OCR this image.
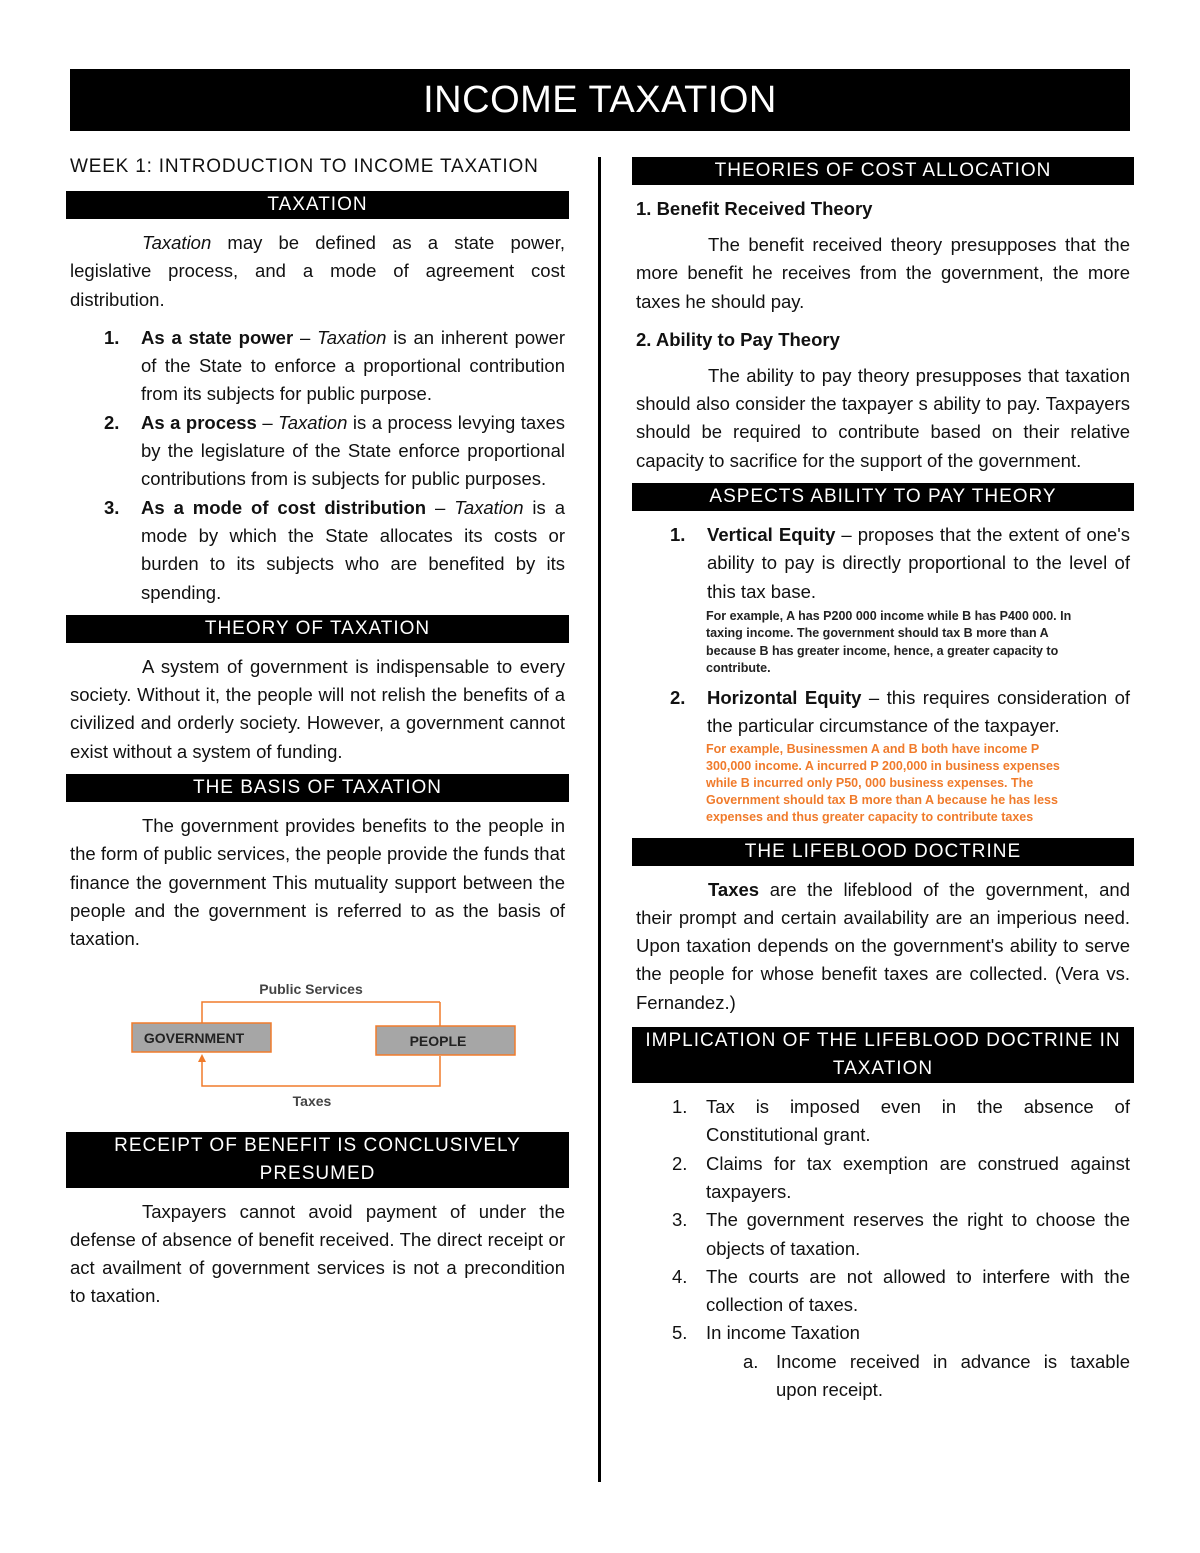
INCOME TAXATION
WEEK 1: INTRODUCTION TO INCOME TAXATION
TAXATION

Taxation may be defined as a state power, legislative process, and a mode of agreement cost distribution.

1. As a state power – Taxation is an inherent power of the State to enforce a proportional contribution from its subjects for public purpose.
2. As a process – Taxation is a process levying taxes by the legislature of the State enforce proportional contributions from is subjects for public purposes.
3. As a mode of cost distribution – Taxation is a mode by which the State allocates its costs or burden to its subjects who are benefited by its spending.
THEORY OF TAXATION

A system of government is indispensable to every society. Without it, the people will not relish the benefits of a civilized and orderly society. However, a government cannot exist without a system of funding.

THE BASIS OF TAXATION

The government provides benefits to the people in the form of public services, the people provide the funds that finance the government This mutuality support between the people and the government is referred to as the basis of taxation.

Public Services
GOVERNMENT	PEOPLE
Taxes
RECEIPT OF BENEFIT IS CONCLUSIVELY PRESUMED

Taxpayers cannot avoid payment of under the defense of absence of benefit received. The direct receipt or act availment of government services is not a precondition to taxation.

THEORIES OF COST ALLOCATION

1. Benefit Received Theory

The benefit received theory presupposes that the more benefit he receives from the government, the more taxes he should pay.

2. Ability to Pay Theory

The ability to pay theory presupposes that taxation should also consider the taxpayer s ability to pay. Taxpayers should be required to contribute based on their relative capacity to sacrifice for the support of the government.

ASPECTS ABILITY TO PAY THEORY
1. Vertical Equity – proposes that the extent of one's ability to pay is directly proportional to the level of this tax base.

For example, A has P200 000 income while B has P400 000. In taxing income. The government should tax B more than A because B has greater income, hence, a greater capacity to contribute.

2. Horizontal Equity – this requires consideration of the particular circumstance of the taxpayer.

For example, Businessmen A and B both have income P 300,000 income. A incurred P 200,000 in business expenses while B incurred only P50, 000 business expenses. The Government should tax B more than A because he has less expenses and thus greater capacity to contribute taxes

THE LIFEBLOOD DOCTRINE

Taxes are the lifeblood of the government, and their prompt and certain availability are an imperious need. Upon taxation depends on the government's ability to serve the people for whose benefit taxes are collected. (Vera vs. Fernandez.)

IMPLICATION OF THE LIFEBLOOD DOCTRINE IN TAXATION
1. Tax is imposed even in the absence of Constitutional grant.
2. Claims for tax exemption are construed against taxpayers.
3. The government reserves the right to choose the objects of taxation.
4. The courts are not allowed to interfere with the collection of taxes.
5. In income Taxation
a. Income received in advance is taxable upon receipt.
